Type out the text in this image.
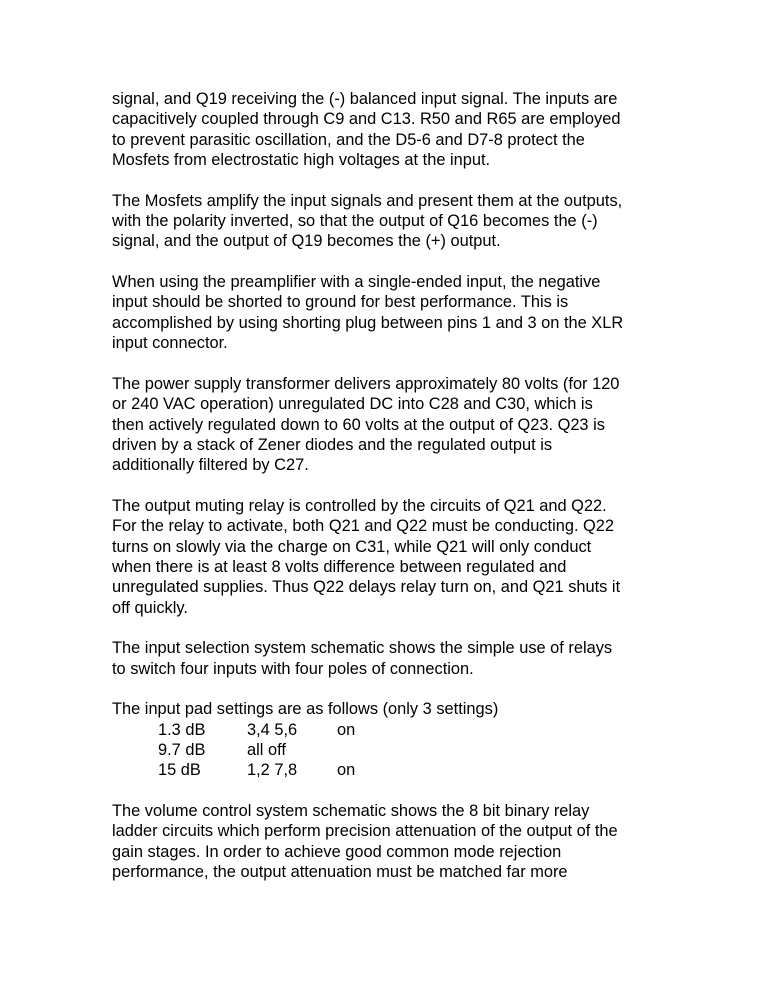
signal, and Q19 receiving the (-) balanced input signal. The inputs are
capacitively coupled through C9 and C13. R50 and R65 are employed
to prevent parasitic oscillation, and the D5-6 and D7-8 protect the
Mosfets from electrostatic high voltages at the input.

The Mosfets amplify the input signals and present them at the outputs,
with the polarity inverted, so that the output of Q16 becomes the (-)
signal, and the output of Q19 becomes the (+) output.

When using the preamplifier with a single-ended input, the negative
input should be shorted to ground for best performance. This is
accomplished by using shorting plug between pins 1 and 3 on the XLR
input connector.

The power supply transformer delivers approximately 80 volts (for 120
or 240 VAC operation) unregulated DC into C28 and C30, which is
then actively regulated down to 60 volts at the output of Q23. Q23 is
driven by a stack of Zener diodes and the regulated output is
additionally filtered by C27.

The output muting relay is controlled by the circuits of Q21 and Q22.
For the relay to activate, both Q21 and Q22 must be conducting. Q22
turns on slowly via the charge on C31, while Q21 will only conduct
when there is at least 8 volts difference between regulated and
unregulated supplies. Thus Q22 delays relay turn on, and Q21 shuts it
off quickly.

The input selection system schematic shows the simple use of relays
to switch four inputs with four poles of connection.

The input pad settings are as follows (only 3 settings)
1.3 dB	3,4 5,6 on
9.7 dB	all off
15 dB	1,2 7,8 on

The volume control system schematic shows the 8 bit binary relay
ladder circuits which perform precision attenuation of the output of the
gain stages. In order to achieve good common mode rejection
performance, the output attenuation must be matched far more
